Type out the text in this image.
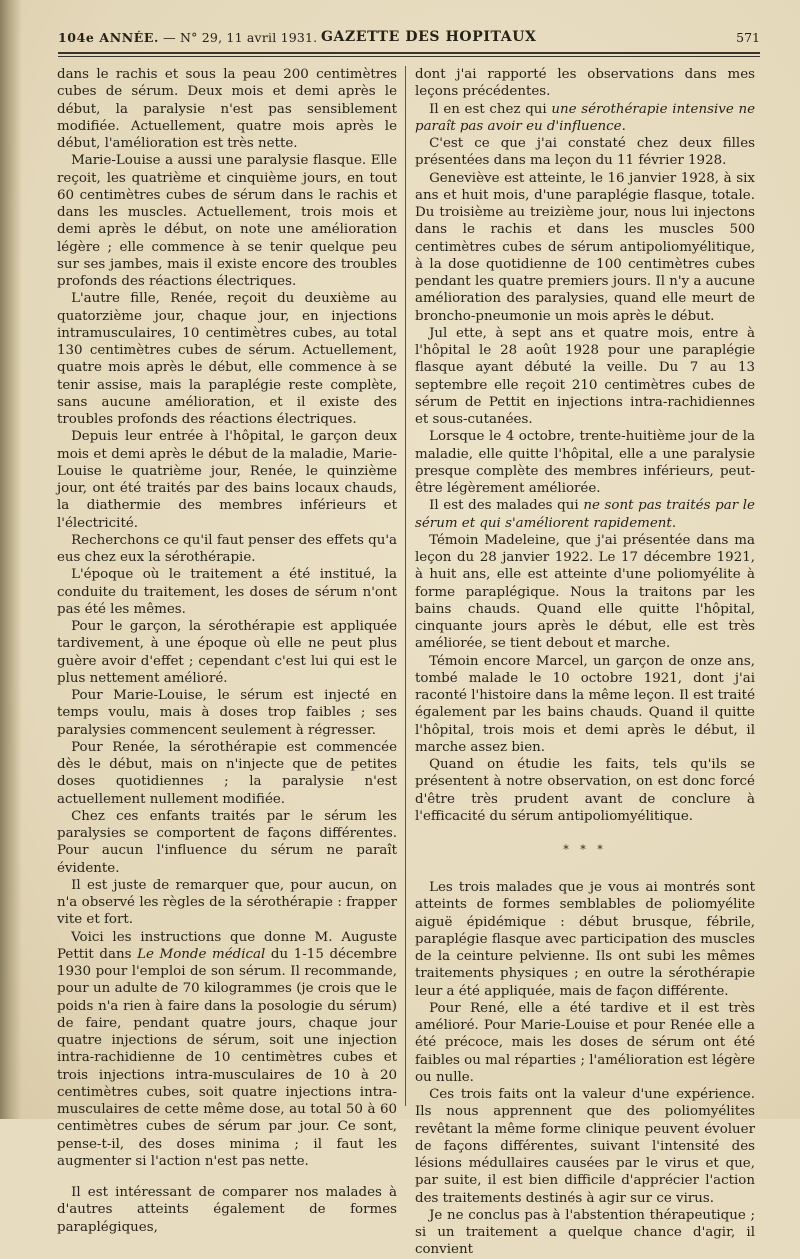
104e ANNÉE. — N° 29, 11 avril 1931. GAZETTE DES HOPITAUX	571

dans le rachis et sous la peau 200 centimètres cubes de sérum. Deux mois et demi après le début, la paralysie n'est pas sensiblement modifiée. Actuellement, quatre mois après le début, l'amélioration est très nette.

Marie-Louise a aussi une paralysie flasque. Elle reçoit, les quatrième et cinquième jours, en tout 60 centimètres cubes de sérum dans le rachis et dans les muscles. Actuellement, trois mois et demi après le début, on note une amélioration légère ; elle commence à se tenir quelque peu sur ses jambes, mais il existe encore des troubles profonds des réactions électriques.

L'autre fille, Renée, reçoit du deuxième au quatorzième jour, chaque jour, en injections intramusculaires, 10 centimètres cubes, au total 130 centimètres cubes de sérum. Actuellement, quatre mois après le début, elle commence à se tenir assise, mais la paraplégie reste complète, sans aucune amélioration, et il existe des troubles profonds des réactions électriques.

Depuis leur entrée à l'hôpital, le garçon deux mois et demi après le début de la maladie, Marie-Louise le quatrième jour, Renée, le quinzième jour, ont été traités par des bains locaux chauds, la diathermie des membres inférieurs et l'électricité.

Recherchons ce qu'il faut penser des effets qu'a eus chez eux la sérothérapie.

L'époque où le traitement a été institué, la conduite du traitement, les doses de sérum n'ont pas été les mêmes.

Pour le garçon, la sérothérapie est appliquée tardivement, à une époque où elle ne peut plus guère avoir d'effet ; cependant c'est lui qui est le plus nettement amélioré.

Pour Marie-Louise, le sérum est injecté en temps voulu, mais à doses trop faibles ; ses paralysies commencent seulement à régresser.

Pour Renée, la sérothérapie est commencée dès le début, mais on n'injecte que de petites doses quotidiennes ; la paralysie n'est actuellement nullement modifiée.

Chez ces enfants traités par le sérum les paralysies se comportent de façons différentes. Pour aucun l'influence du sérum ne paraît évidente.

Il est juste de remarquer que, pour aucun, on n'a observé les règles de la sérothérapie : frapper vite et fort.

Voici les instructions que donne M. Auguste Pettit dans Le Monde médical du 1-15 décembre 1930 pour l'emploi de son sérum. Il recommande, pour un adulte de 70 kilogrammes (je crois que le poids n'a rien à faire dans la posologie du sérum) de faire, pendant quatre jours, chaque jour quatre injections de sérum, soit une injection intra-rachidienne de 10 centimètres cubes et trois injections intra-musculaires de 10 à 20 centimètres cubes, soit quatre injections intra-musculaires de cette même dose, au total 50 à 60 centimètres cubes de sérum par jour. Ce sont, pense-t-il, des doses minima ; il faut les augmenter si l'action n'est pas nette.

Il est intéressant de comparer nos malades à d'autres atteints également de formes paraplégiques,

dont j'ai rapporté les observations dans mes leçons précédentes.

Il en est chez qui une sérothérapie intensive ne paraît pas avoir eu d'influence.

C'est ce que j'ai constaté chez deux filles présentées dans ma leçon du 11 février 1928.

Geneviève est atteinte, le 16 janvier 1928, à six ans et huit mois, d'une paraplégie flasque, totale. Du troisième au treizième jour, nous lui injectons dans le rachis et dans les muscles 500 centimètres cubes de sérum antipoliomyélitique, à la dose quotidienne de 100 centimètres cubes pendant les quatre premiers jours. Il n'y a aucune amélioration des paralysies, quand elle meurt de broncho-pneumonie un mois après le début.

Jul ette, à sept ans et quatre mois, entre à l'hôpital le 28 août 1928 pour une paraplégie flasque ayant débuté la veille. Du 7 au 13 septembre elle reçoit 210 centimètres cubes de sérum de Pettit en injections intra-rachidiennes et sous-cutanées.

Lorsque le 4 octobre, trente-huitième jour de la maladie, elle quitte l'hôpital, elle a une paralysie presque complète des membres inférieurs, peut-être légèrement améliorée.

Il est des malades qui ne sont pas traités par le sérum et qui s'améliorent rapidement.

Témoin Madeleine, que j'ai présentée dans ma leçon du 28 janvier 1922. Le 17 décembre 1921, à huit ans, elle est atteinte d'une poliomyélite à forme paraplégique. Nous la traitons par les bains chauds. Quand elle quitte l'hôpital, cinquante jours après le début, elle est très améliorée, se tient debout et marche.

Témoin encore Marcel, un garçon de onze ans, tombé malade le 10 octobre 1921, dont j'ai raconté l'histoire dans la même leçon. Il est traité également par les bains chauds. Quand il quitte l'hôpital, trois mois et demi après le début, il marche assez bien.

Quand on étudie les faits, tels qu'ils se présentent à notre observation, on est donc forcé d'être très prudent avant de conclure à l'efficacité du sérum antipoliomyélitique.

* * *

Les trois malades que je vous ai montrés sont atteints de formes semblables de poliomyélite aiguë épidémique : début brusque, fébrile, paraplégie flasque avec participation des muscles de la ceinture pelvienne. Ils ont subi les mêmes traitements physiques ; en outre la sérothérapie leur a été appliquée, mais de façon différente.

Pour René, elle a été tardive et il est très amélioré. Pour Marie-Louise et pour Renée elle a été précoce, mais les doses de sérum ont été faibles ou mal réparties ; l'amélioration est légère ou nulle.

Ces trois faits ont la valeur d'une expérience. Ils nous apprennent que des poliomyélites revêtant la même forme clinique peuvent évoluer de façons différentes, suivant l'intensité des lésions médullaires causées par le virus et que, par suite, il est bien difficile d'apprécier l'action des traitements destinés à agir sur ce virus.

Je ne conclus pas à l'abstention thérapeutique ; si un traitement a quelque chance d'agir, il convient
